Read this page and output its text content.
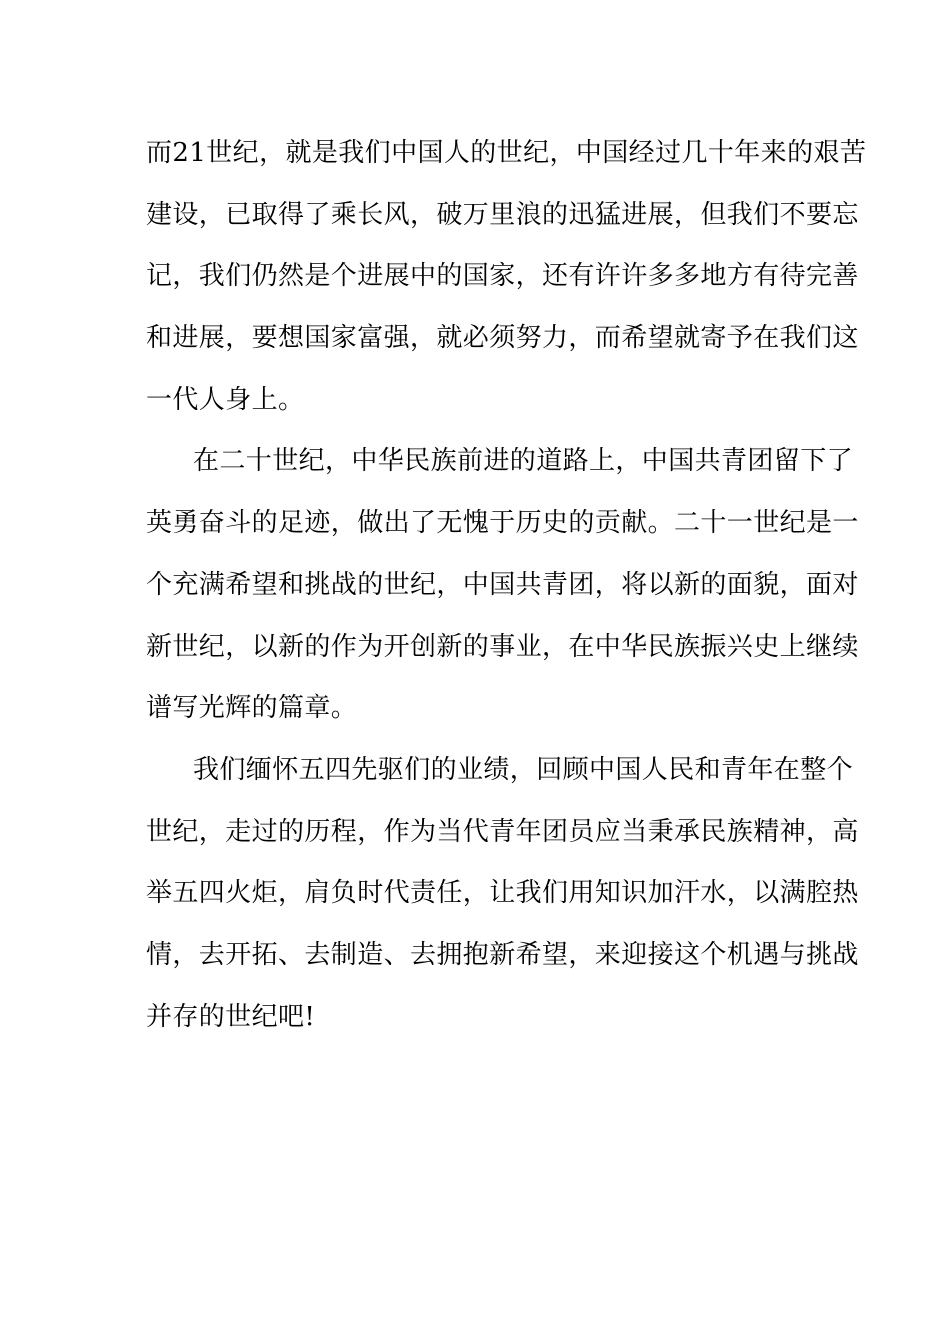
而21世纪，就是我们中国人的世纪，中国经过几十年来的艰苦
建设，已取得了乘长风，破万里浪的迅猛进展，但我们不要忘
记，我们仍然是个进展中的国家，还有许许多多地方有待完善
和进展，要想国家富强，就必须努力，而希望就寄予在我们这
一代人身上。
在二十世纪，中华民族前进的道路上，中国共青团留下了
英勇奋斗的足迹，做出了无愧于历史的贡献。二十一世纪是一
个充满希望和挑战的世纪，中国共青团，将以新的面貌，面对
新世纪，以新的作为开创新的事业，在中华民族振兴史上继续
谱写光辉的篇章。
我们缅怀五四先驱们的业绩，回顾中国人民和青年在整个
世纪，走过的历程，作为当代青年团员应当秉承民族精神，高
举五四火炬，肩负时代责任，让我们用知识加汗水，以满腔热
情，去开拓、去制造、去拥抱新希望，来迎接这个机遇与挑战
并存的世纪吧!
